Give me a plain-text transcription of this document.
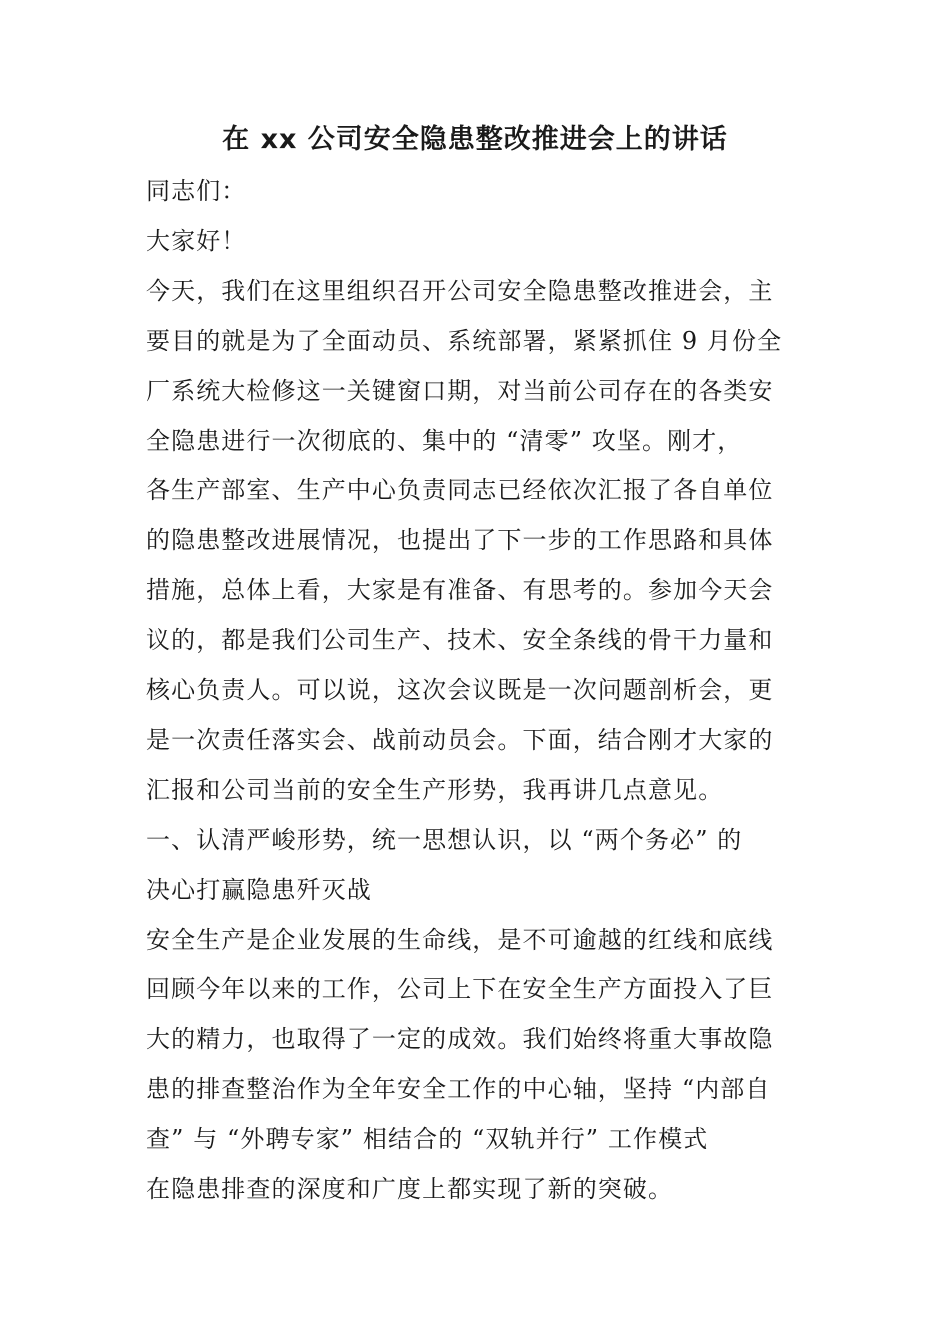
在 xx 公司安全隐患整改推进会上的讲话
同志们：
大家好！
今天，我们在这里组织召开公司安全隐患整改推进会，主
要目的就是为了全面动员、系统部署，紧紧抓住 9 月份全
厂系统大检修这一关键窗口期，对当前公司存在的各类安
全隐患进行一次彻底的、集中的 “清零” 攻坚。刚才，
各生产部室、生产中心负责同志已经依次汇报了各自单位
的隐患整改进展情况，也提出了下一步的工作思路和具体
措施，总体上看，大家是有准备、有思考的。参加今天会
议的，都是我们公司生产、技术、安全条线的骨干力量和
核心负责人。可以说，这次会议既是一次问题剖析会，更
是一次责任落实会、战前动员会。下面，结合刚才大家的
汇报和公司当前的安全生产形势，我再讲几点意见。
一、认清严峻形势，统一思想认识，以 “两个务必” 的
决心打赢隐患歼灭战
安全生产是企业发展的生命线，是不可逾越的红线和底线
回顾今年以来的工作，公司上下在安全生产方面投入了巨
大的精力，也取得了一定的成效。我们始终将重大事故隐
患的排查整治作为全年安全工作的中心轴，坚持 “内部自
查” 与 “外聘专家” 相结合的 “双轨并行” 工作模式
在隐患排查的深度和广度上都实现了新的突破。
